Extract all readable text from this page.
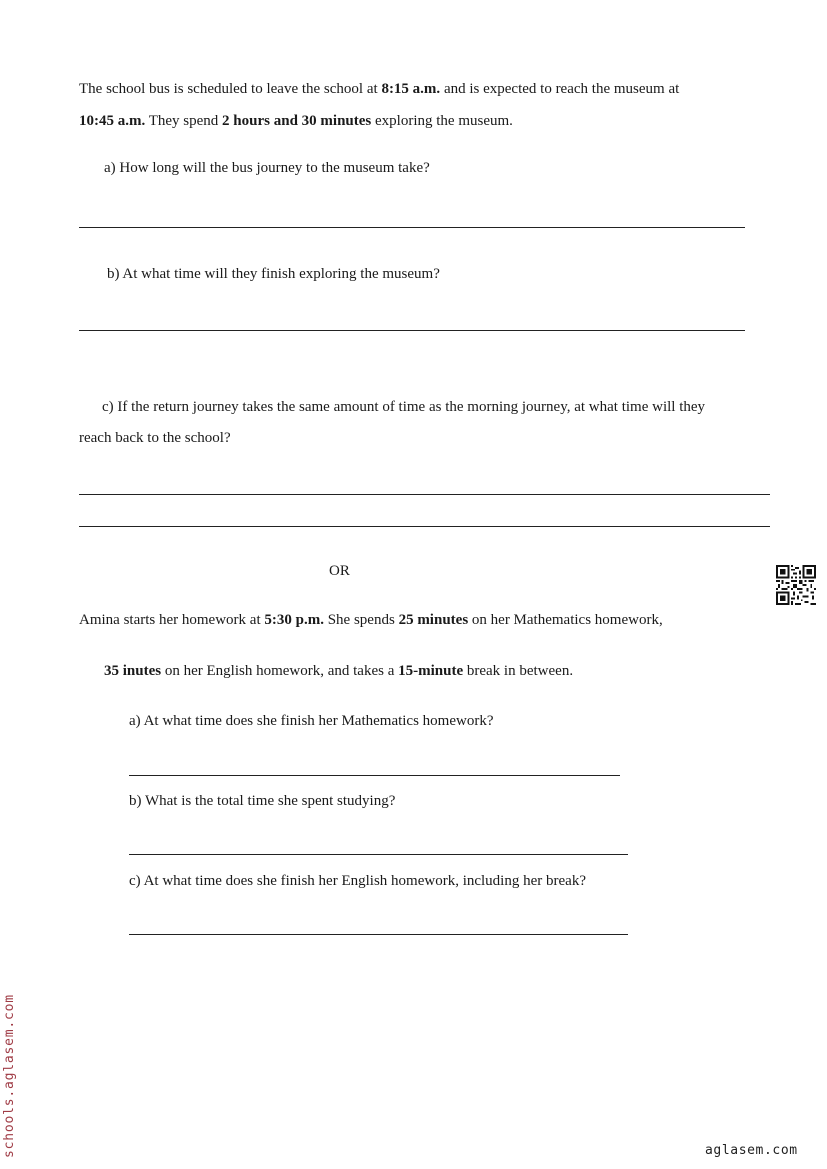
The school bus is scheduled to leave the school at 8:15 a.m. and is expected to reach the museum at
10:45 a.m. They spend 2 hours and 30 minutes exploring the museum.
a) How long will the bus journey to the museum take?
b) At what time will they finish exploring the museum?
c) If the return journey takes the same amount of time as the morning journey, at what time will they
reach back to the school?
OR
Amina starts her homework at 5:30 p.m. She spends 25 minutes on her Mathematics homework,
35 inutes on her English homework, and takes a 15-minute break in between.
a) At what time does she finish her Mathematics homework?
b) What is the total time she spent studying?
c) At what time does she finish her English homework, including her break?
schools.aglasem.com	aglasem.com
